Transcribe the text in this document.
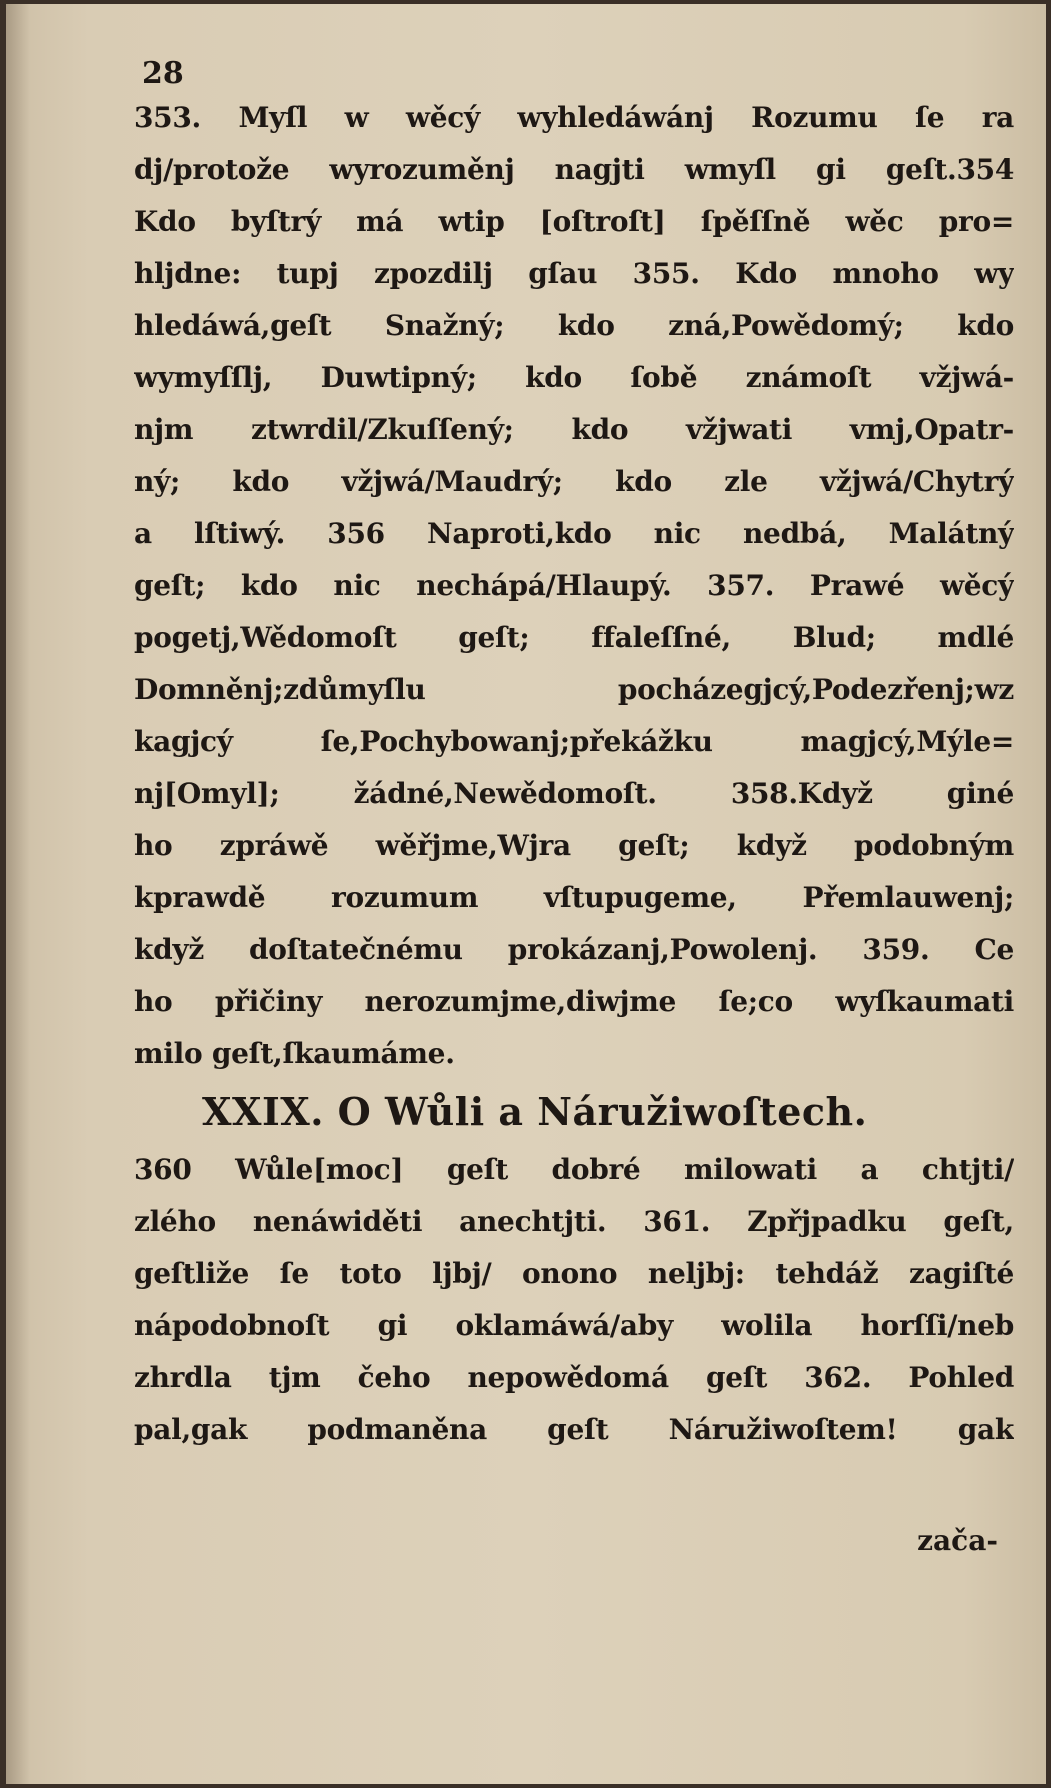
28
353. Myſl w wěcý wyhledáwánj Rozumu ſe ra
dj/protože wyrozuměnj nagjti wmyſl gi geſt.354
Kdo byſtrý má wtip [oſtroſt] ſpěſſně wěc pro=
hljdne: tupj zpozdilj gſau 355. Kdo mnoho wy
hledáwá,geſt Snažný; kdo zná,Powědomý; kdo
wymyſſlj, Duwtipný; kdo ſobě známoſt vžjwá-
njm ztwrdil/Zkuſſený; kdo vžjwati vmj,Opatr-
ný; kdo vžjwá/Maudrý; kdo zle vžjwá/Chytrý
a lſtiwý. 356 Naproti,kdo nic nedbá, Malátný
geſt; kdo nic nechápá/Hlaupý. 357. Prawé wěcý
pogetj,Wědomoſt geſt; ffaleſſné, Blud; mdlé
Domněnj;zdůmyſlu pocházegjcý,Podezřenj;wz
kagjcý ſe,Pochybowanj;překážku magjcý,Mýle=
nj[Omyl]; žádné,Newědomoſt. 358.Když giné
ho zpráwě wěřjme,Wjra geſt; když podobným
kprawdě rozumum vſtupugeme, Přemlauwenj;
když doſtatečnému prokázanj,Powolenj. 359. Ce
ho přičiny nerozumjme,diwjme ſe;co wyſkaumati
milo geſt,ſkaumáme.
XXIX. O Wůli a Náružiwoſtech.
360 Wůle[moc] geſt dobré milowati a chtjti/
zlého nenáwiděti anechtjti. 361. Zpřjpadku geſt,
geſtliže ſe toto ljbj/ onono neljbj: tehdáž zagiſté
nápodobnoſt gi oklamáwá/aby wolila horſſi/neb
zhrdla tjm čeho nepowědomá geſt 362. Pohleď
pal,gak podmaněna geſt Náružiwoſtem! gak
zača-
